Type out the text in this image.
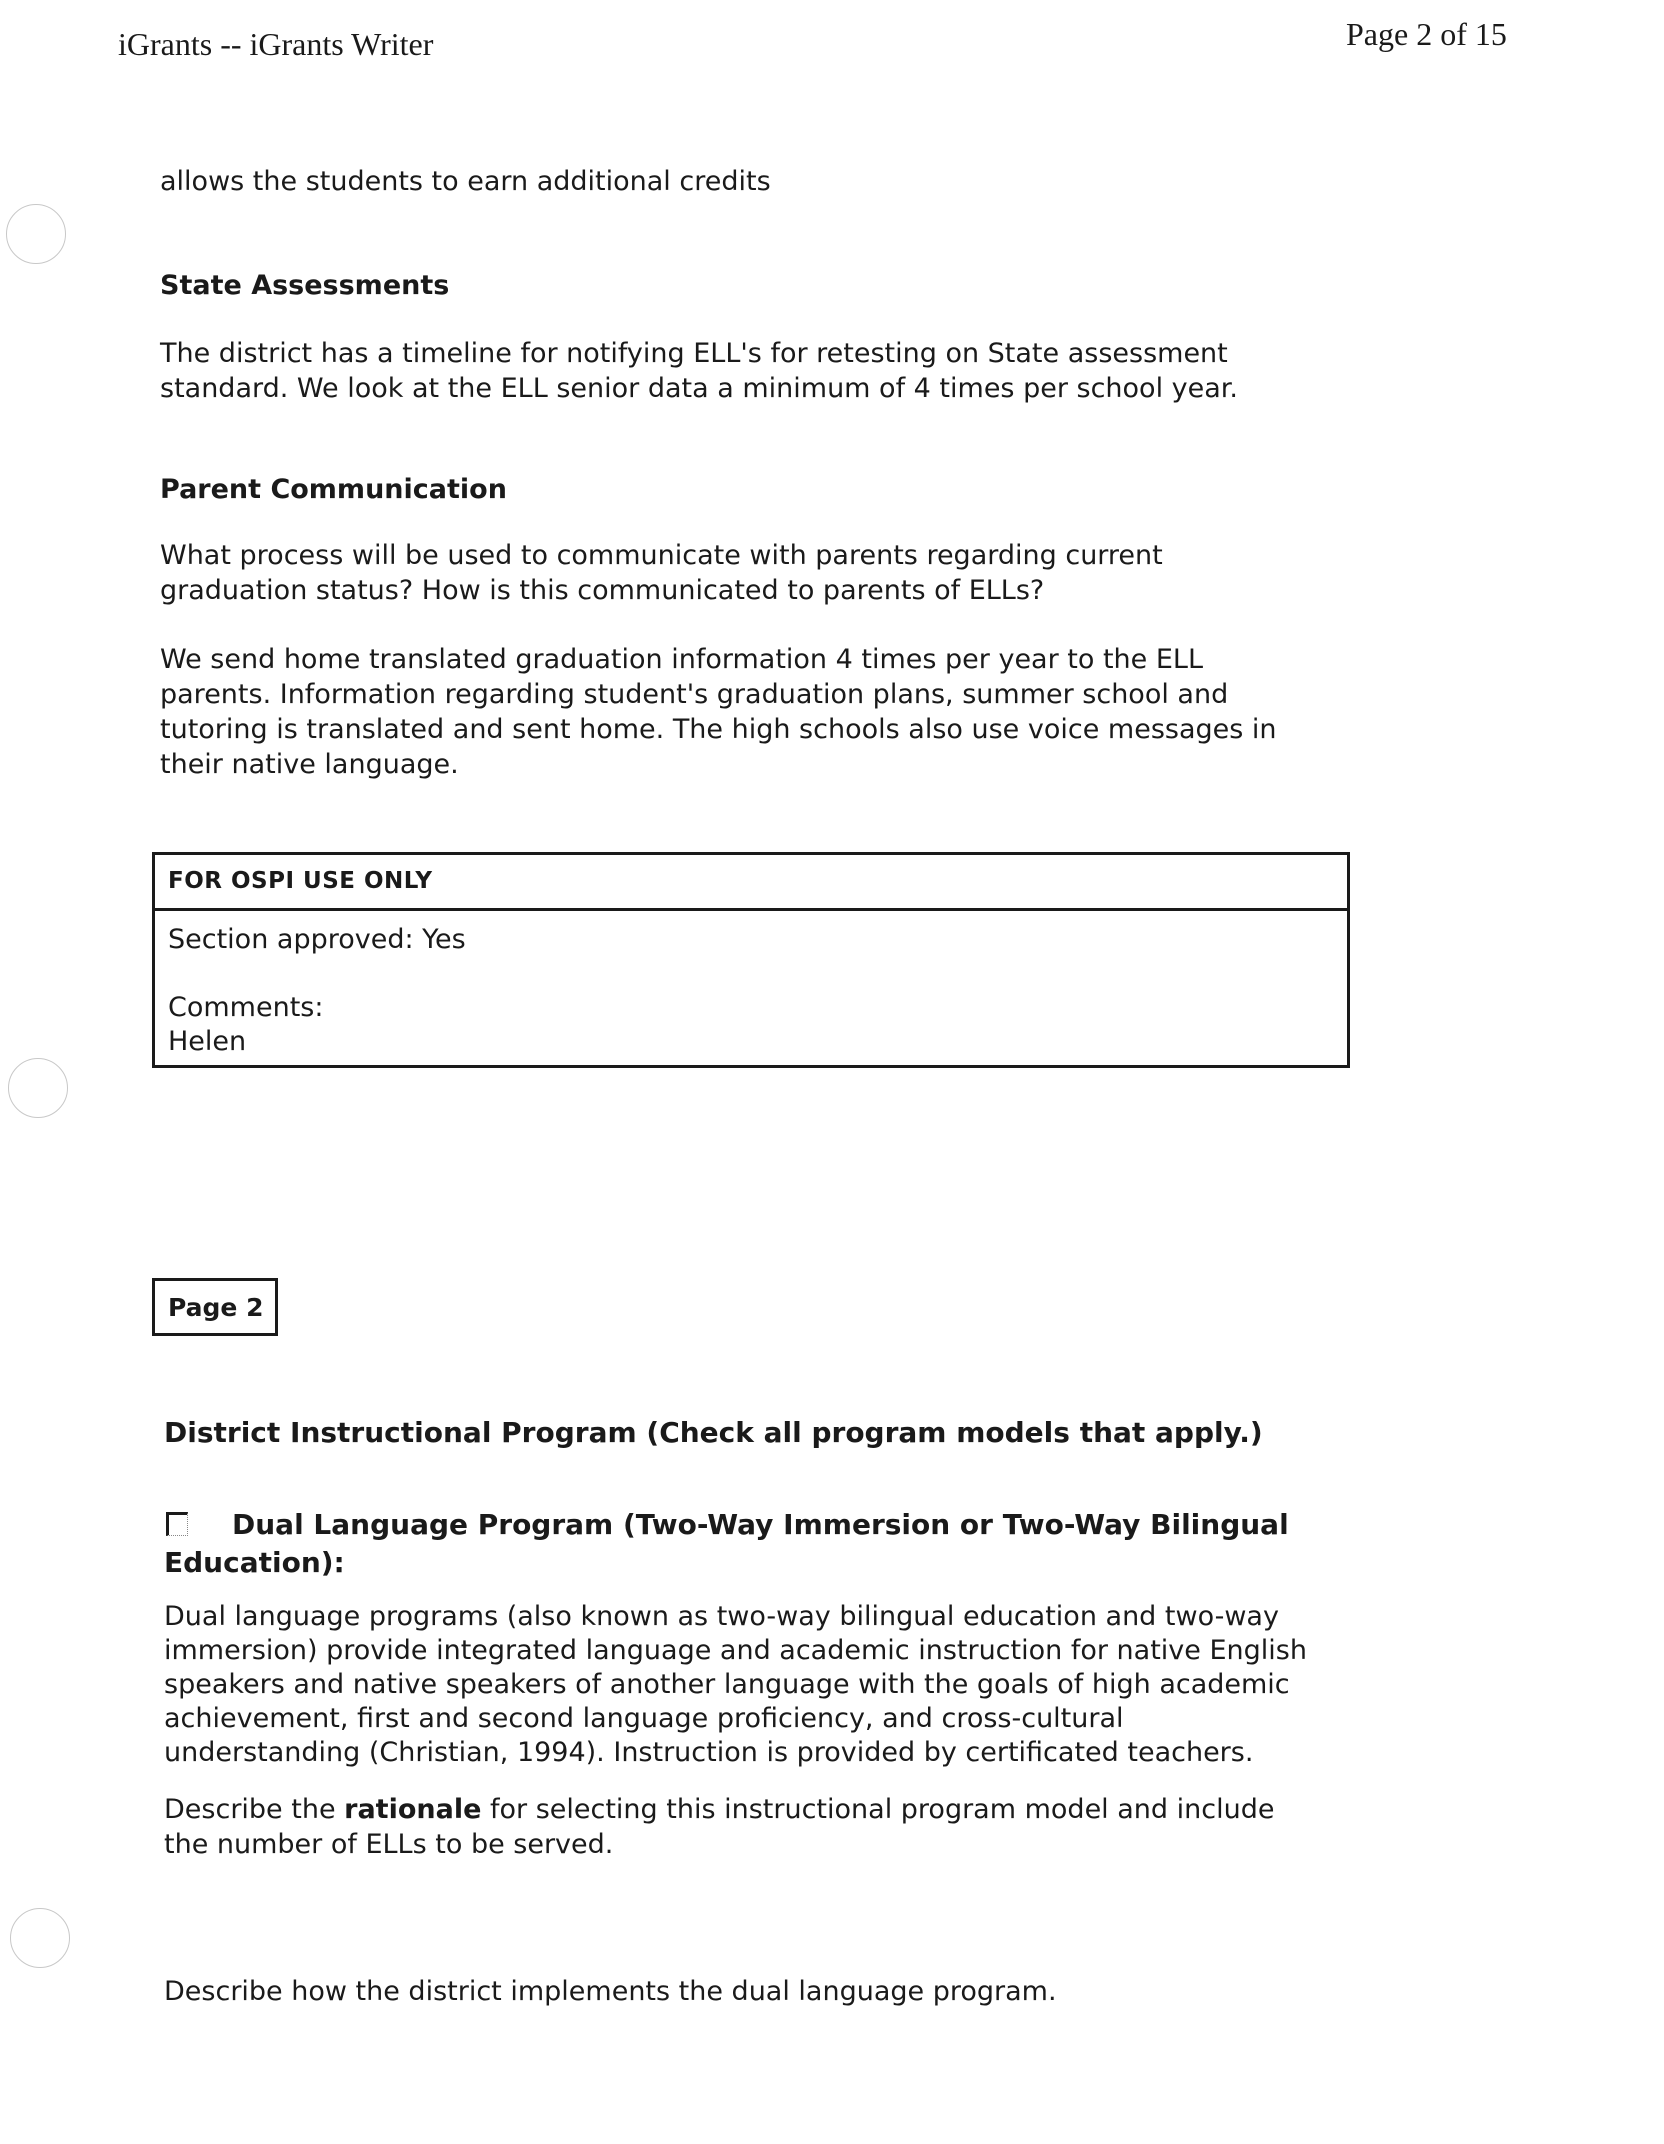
iGrants -- iGrants Writer	Page 2 of 15
allows the students to earn additional credits
State Assessments
The district has a timeline for notifying ELL's for retesting on State assessment
standard. We look at the ELL senior data a minimum of 4 times per school year.
Parent Communication
What process will be used to communicate with parents regarding current
graduation status? How is this communicated to parents of ELLs?
We send home translated graduation information 4 times per year to the ELL
parents. Information regarding student's graduation plans, summer school and
tutoring is translated and sent home. The high schools also use voice messages in
their native language.
FOR OSPI USE ONLY
Section approved: Yes
Comments:
Helen
Page 2
District Instructional Program (Check all program models that apply.)
Dual Language Program (Two-Way Immersion or Two-Way Bilingual
Education):
Dual language programs (also known as two-way bilingual education and two-way
immersion) provide integrated language and academic instruction for native English
speakers and native speakers of another language with the goals of high academic
achievement, first and second language proficiency, and cross-cultural
understanding (Christian, 1994). Instruction is provided by certificated teachers.
Describe the rationale for selecting this instructional program model and include
the number of ELLs to be served.
Describe how the district implements the dual language program.
